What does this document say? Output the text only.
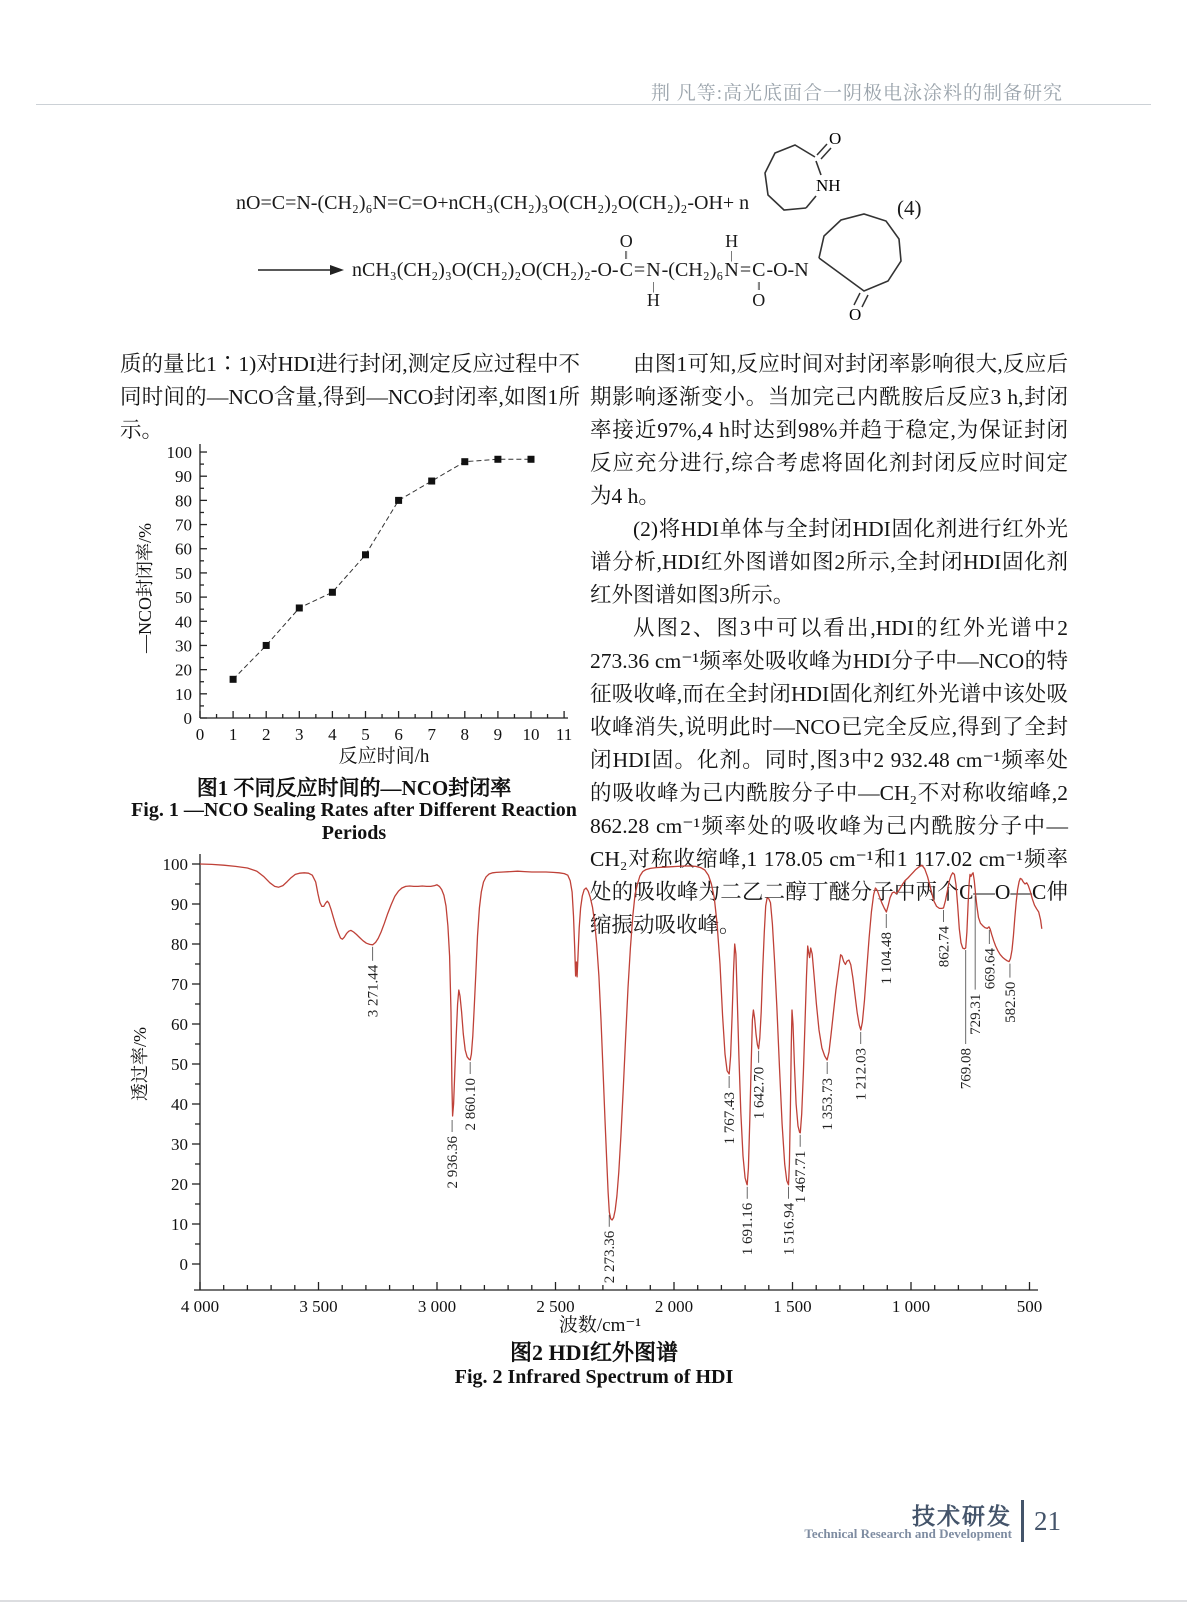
荆 凡等:高光底面合一阴极电泳涂料的制备研究
nO=C=N-(CH₂)₆N=C=O+nCH₃(CH₂)₃O(CH₂)₂O(CH₂)₂-OH+ n
NH
O
(4)
nCH₃(CH₂)₃O(CH₂)₂O(CH₂)₂-O-
O
‖
C = N
|
H
-(CH₂)₆
H
|
N = C
‖
O
-O-N
O

质的量比1∶1)对HDI进行封闭,测定反应过程中不同时间的—NCO含量,得到—NCO封闭率,如图1所示。

0
10
20
30
40
50
50
60
70
80
90
100
0 1 2 3 4 5 6 7 8 9 10 11
—NCO封闭率/%
反应时间/h
图1 不同反应时间的—NCO封闭率
Fig. 1 —NCO Sealing Rates after Different Reaction
Periods

由图1可知,反应时间对封闭率影响很大,反应后期影响逐渐变小。当加完己内酰胺后反应3 h,封闭率接近97%,4 h时达到98%并趋于稳定,为保证封闭反应充分进行,综合考虑将固化剂封闭反应时间定为4 h。

(2)将HDI单体与全封闭HDI固化剂进行红外光谱分析,HDI红外图谱如图2所示,全封闭HDI固化剂红外图谱如图3所示。

从图2、图3中可以看出,HDI的红外光谱中2 273.36 cm⁻¹频率处吸收峰为HDI分子中—NCO的特征吸收峰,而在全封闭HDI固化剂红外光谱中该处吸收峰消失,说明此时—NCO已完全反应,得到了全封闭HDI固。化剂。同时,图3中2 932.48 cm⁻¹频率处的吸收峰为己内酰胺分子中—CH₂不对称收缩峰,2 862.28 cm⁻¹频率处的吸收峰为己内酰胺分子中—CH₂对称收缩峰,1 178.05 cm⁻¹和1 117.02 cm⁻¹频率处的吸收峰为二乙二醇丁醚分子中两个C—O—C伸缩振动吸收峰。

0
10
20
30
40
50
60
70
80
90
100
4 000	3 500	3 000	2 500	2 000	1 500	1 000	500
3 271.44
2 936.36
2 860.10
2 273.36
1 767.43
1 691.16
1 642.70
1 516.94
1 467.71
1 353.73
1 212.03
1 104.48	862.74
769.08
729.31
669.64
582.50
透过率/%
波数/cm⁻¹
图2 HDI红外图谱
Fig. 2 Infrared Spectrum of HDI
技术研发
Technical Research and Development 21
